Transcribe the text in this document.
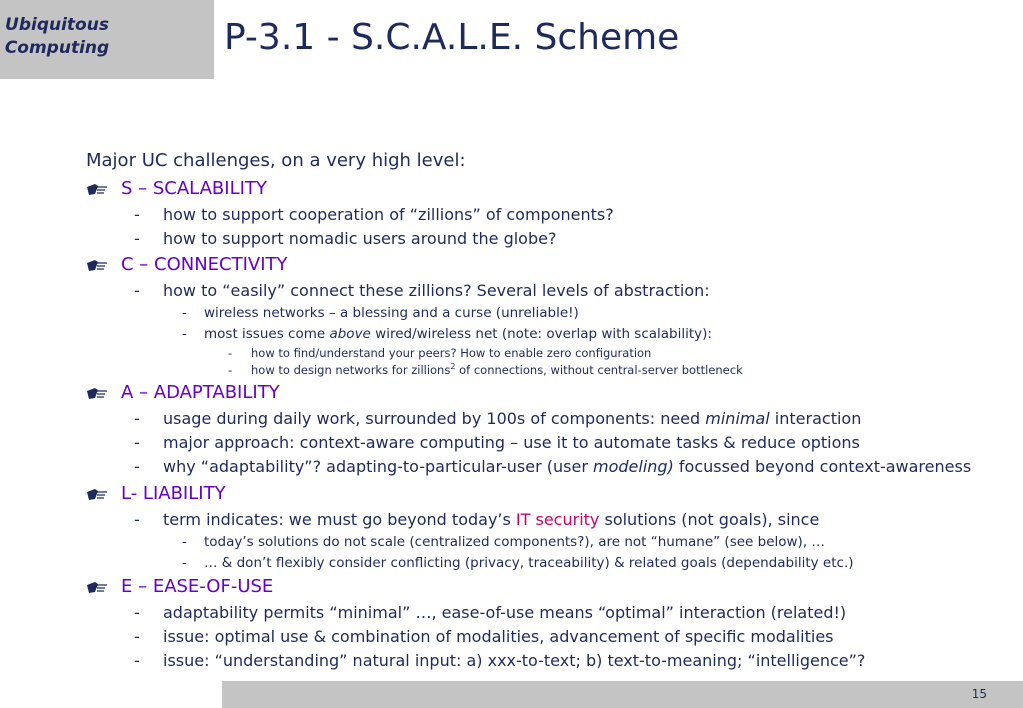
Ubiquitous
Computing	P-3.1 - S.C.A.L.E. Scheme
Major UC challenges, on a very high level:
S – SCALABILITY
- how to support cooperation of “zillions” of components?
- how to support nomadic users around the globe?
C – CONNECTIVITY
- how to “easily” connect these zillions? Several levels of abstraction:
- wireless networks – a blessing and a curse (unreliable!)
- most issues come above wired/wireless net (note: overlap with scalability):
- how to find/understand your peers? How to enable zero configuration
- how to design networks for zillions$^2$ of connections, without central-server bottleneck
A – ADAPTABILITY
- usage during daily work, surrounded by 100s of components: need minimal interaction
- major approach: context-aware computing – use it to automate tasks & reduce options
- why “adaptability”? adapting-to-particular-user (user modeling) focussed beyond context-awareness
L- LIABILITY
- term indicates: we must go beyond today’s IT security solutions (not goals), since
- today’s solutions do not scale (centralized components?), are not “humane” (see below), …
- … & don’t flexibly consider conflicting (privacy, traceability) & related goals (dependability etc.)
E – EASE-OF-USE
- adaptability permits “minimal” …, ease-of-use means “optimal” interaction (related!)
- issue: optimal use & combination of modalities, advancement of specific modalities
- issue: “understanding” natural input: a) xxx-to-text; b) text-to-meaning; “intelligence”?
15
